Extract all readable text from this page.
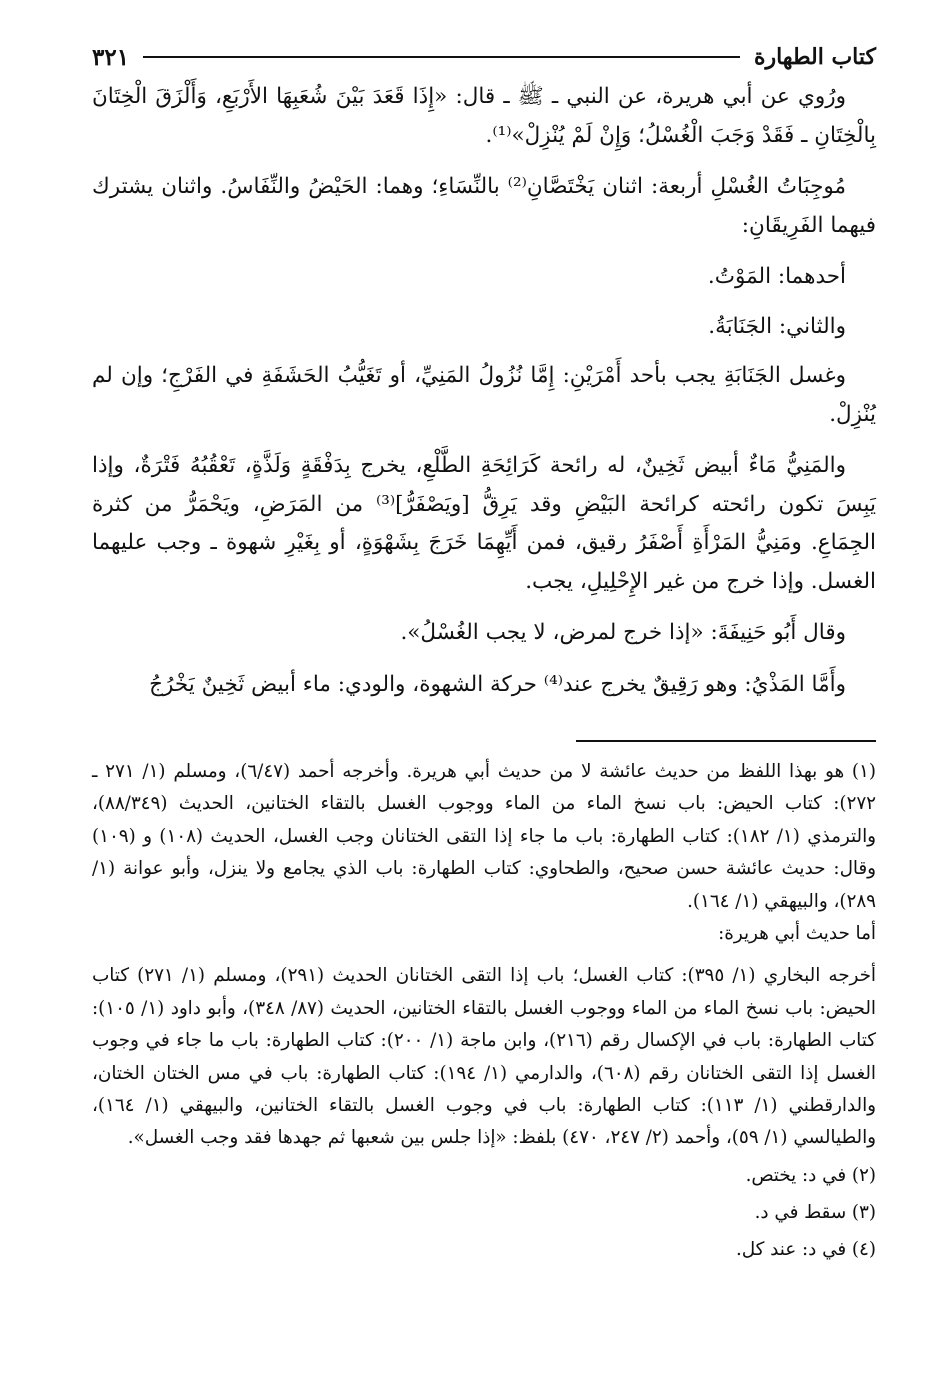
كتاب الطهارة
٣٢١

ورُوي عن أبي هريرة، عن النبي ـ ﷺ ـ قال: «إِذَا قَعَدَ بَيْنَ شُعَبِهَا الأَرْبَعِ، وَأَلْزَقَ الْخِتَانَ بِالْخِتَانِ ـ فَقَدْ وَجَبَ الْغُسْلُ؛ وَإِنْ لَمْ يُنْزِلْ»⁽¹⁾.

مُوجِبَاتُ الغُسْلِ أربعة: اثنان يَخْتَصَّانِ⁽²⁾ بالنِّسَاءِ؛ وهما: الحَيْضُ والنِّفَاسُ. واثنان يشترك فيهما الفَرِيقَانِ:

أحدهما: المَوْتُ.

والثاني: الجَنَابَةُ.

وغسل الجَنَابَةِ يجب بأحد أَمْرَيْنِ: إِمَّا نُزُولُ المَنِيِّ، أو تَغَيُّبُ الحَشَفَةِ في الفَرْجِ؛ وإن لم يُنْزِلْ.

والمَنِيُّ مَاءٌ أبيض ثَخِينٌ، له رائحة كَرَائِحَةِ الطَّلْعِ، يخرج بِدَفْقَةٍ وَلَذَّةٍ، تَعْقُبُهُ فَتْرَةٌ، وإذا يَبِسَ تكون رائحته كرائحة البَيْضِ وقد يَرِقُّ [ويَصْفَرُّ]⁽³⁾ من المَرَضِ، ويَحْمَرُّ من كثرة الجِمَاعِ. ومَنِيُّ المَرْأَةِ أَصْفَرُ رقيق، فمن أَيِّهِمَا خَرَجَ بِشَهْوَةٍ، أو بِغَيْرِ شهوة ـ وجب عليهما الغسل. وإذا خرج من غير الإِحْلِيلِ، يجب.

وقال أَبُو حَنِيفَةَ: «إذا خرج لمرض، لا يجب الغُسْلُ».

وأَمَّا المَذْيُ: وهو رَقِيقٌ يخرج عند⁽⁴⁾ حركة الشهوة، والودي: ماء أبيض ثَخِينٌ يَخْرُجُ

(١) هو بهذا اللفظ من حديث عائشة لا من حديث أبي هريرة. وأخرجه أحمد (٦/٤٧)، ومسلم (١/ ٢٧١ ـ ٢٧٢): كتاب الحيض: باب نسخ الماء من الماء ووجوب الغسل بالتقاء الختانين، الحديث (٨٨/٣٤٩)، والترمذي (١/ ١٨٢): كتاب الطهارة: باب ما جاء إذا التقى الختانان وجب الغسل، الحديث (١٠٨) و (١٠٩) وقال: حديث عائشة حسن صحيح، والطحاوي: كتاب الطهارة: باب الذي يجامع ولا ينزل، وأبو عوانة (١/ ٢٨٩)، والبيهقي (١/ ١٦٤).

أما حديث أبي هريرة:

أخرجه البخاري (١/ ٣٩٥): كتاب الغسل؛ باب إذا التقى الختانان الحديث (٢٩١)، ومسلم (١/ ٢٧١) كتاب الحيض: باب نسخ الماء من الماء ووجوب الغسل بالتقاء الختانين، الحديث (٨٧/ ٣٤٨)، وأبو داود (١/ ١٠٥): كتاب الطهارة: باب في الإكسال رقم (٢١٦)، وابن ماجة (١/ ٢٠٠): كتاب الطهارة: باب ما جاء في وجوب الغسل إذا التقى الختانان رقم (٦٠٨)، والدارمي (١/ ١٩٤): كتاب الطهارة: باب في مس الختان الختان، والدارقطني (١/ ١١٣): كتاب الطهارة: باب في وجوب الغسل بالتقاء الختانين، والبيهقي (١/ ١٦٤)، والطيالسي (١/ ٥٩)، وأحمد (٢/ ٢٤٧، ٤٧٠) بلفظ: «إذا جلس بين شعبها ثم جهدها فقد وجب الغسل».

(٢) في د: يختص.

(٣) سقط في د.

(٤) في د: عند كل.
